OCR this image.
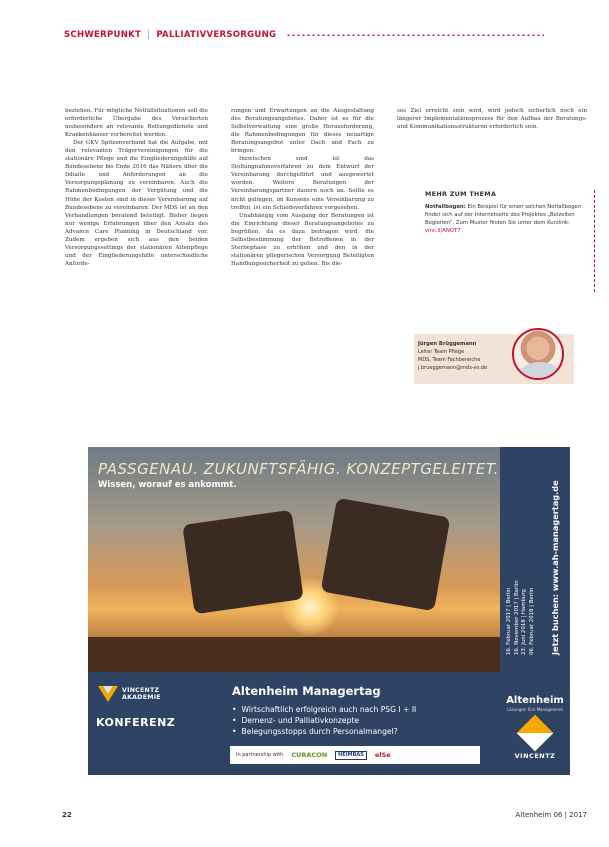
SCHWERPUNKT | PALLIATIVVERSORGUNG

beziehen. Für mögliche Notfallsituationen soll die erforderliche Übergabe des Versicherten insbesondere an relevante Rettungsdienste und Krankenhäuser vorbereitet werden.

Der GKV Spitzenverband hat die Aufgabe, mit den relevanten Trägervereinigungen für die stationäre Pflege und die Eingliederungshilfe auf Bundesebene bis Ende 2016 das Nähere über die Inhalte und Anforderungen an die Versorgungsplanung zu vereinbaren. Auch die Rahmenbedingungen der Vergütung und die Höhe der Kosten sind in dieser Vereinbarung auf Bundesebene zu vereinbaren. Der MDS ist an den Verhandlungen beratend beteiligt. Bisher liegen nur wenige Erfahrungen über den Ansatz des Advance Care Planning in Deutschland vor. Zudem ergeben sich aus den beiden Versorgungssettings der stationären Altenpflege und der Eingliederungshilfe unterschiedliche Anforde-

rungen und Erwartungen an die Ausgestaltung des Beratungsangebotes. Daher ist es für die Selbstverwaltung eine große Herausforderung, die Rahmenbedingungen für dieses neuartige Beratungsangebot unter Dach und Fach zu bringen.

Inzwischen sind ist das Stellungnahmeverfahren zu dem Entwurf der Vereinbarung durchgeführt und ausgewertet worden. Weitere Beratungen der Vereinbarungspartner dauern noch an. Sollte es nicht gelingen, im Konsens eine Vereinbarung zu treffen, ist ein Schiedsverfahren vorgesehen.

Unabhängig vom Ausgang der Beratungen ist die Einrichtung dieser Beratungsangebotes zu begrüßen, da es dazu beitragen wird, die Selbstbestimmung der Betroffenen in der Sterbephase zu erhöhen und den in der stationären pflegerischen Versorgung Beteiligten Handlungssicherheit zu geben. Bis die-

ses Ziel erreicht sein wird, wird jedoch sicherlich noch ein längerer Implementationsprozess für den Aufbau der Beratungs- und Kommunikationsstrukturen erforderlich sein.

MEHR ZUM THEMA
Notfallbogen: Ein Beispiel für einen solchen Notfallbogen findet sich auf der Internetseite des Projektes „Beizeiten Begleiten“. Zum Muster finden Sie unter dem Kurzlink: vinc.li/ANOT7
Jürgen Brüggemann
Leiter Team Pflege
MDS, Team Fachbereiche
j.brueggemann@mds-ev.de
PASSGENAU. ZUKUNFTSFÄHIG. KONZEPTGELEITET.
Wissen, worauf es ankommt.
VINCENTZ
AKADEMIE
KONFERENZ
Altenheim Managertag
• Wirtschaftlich erfolgreich auch nach PSG I + II
• Demenz- und Palliativkonzepte
• Belegungsstopps durch Personalmangel?
In partnership with CURACON	HEIMBAS	elSe
16. Februar 2017 | Berlin 16. November 2017 | Berlin 23. Juni 2018 | Hamburg 06. Februar 2018 | Berlin Jetzt buchen: www.ah-managertag.de
Altenheim
Lösungen fürs Management
VINCENTZ
22	Altenheim 06 | 2017
